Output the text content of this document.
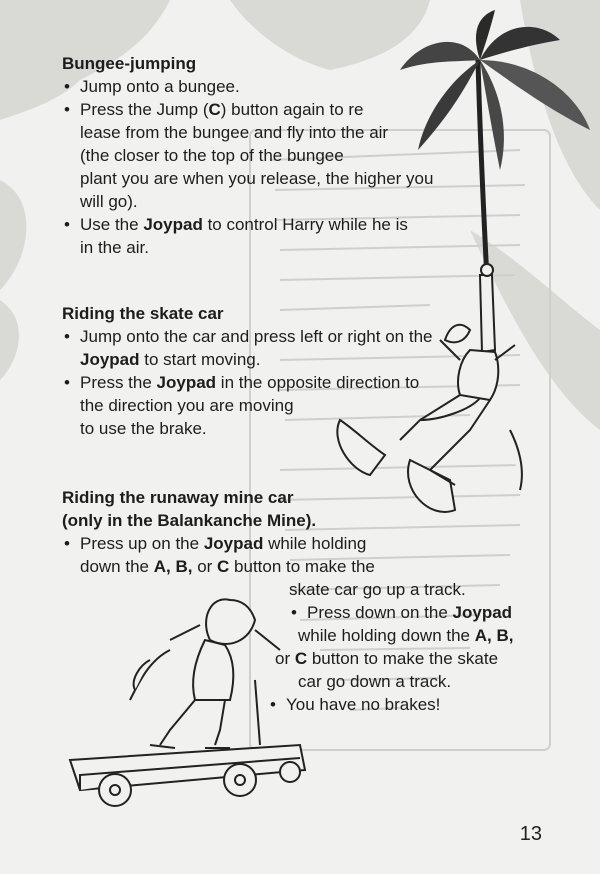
Bungee-jumping
• Jump onto a bungee.
• Press the Jump (C) button again to re
lease from the bungee and fly into the air
(the closer to the top of the bungee
plant you are when you release, the higher you
will go).
• Use the Joypad to control Harry while he is
in the air.
Riding the skate car
• Jump onto the car and press left or right on the
Joypad to start moving.
• Press the Joypad in the opposite direction to
the direction you are moving
to use the brake.
Riding the runaway mine car
(only in the Balankanche Mine).
• Press up on the Joypad while holding
down the A, B, or C button to make the
skate car go up a track.
• Press down on the Joypad
while holding down the A, B,
or C button to make the skate
car go down a track.
• You have no brakes!
13
